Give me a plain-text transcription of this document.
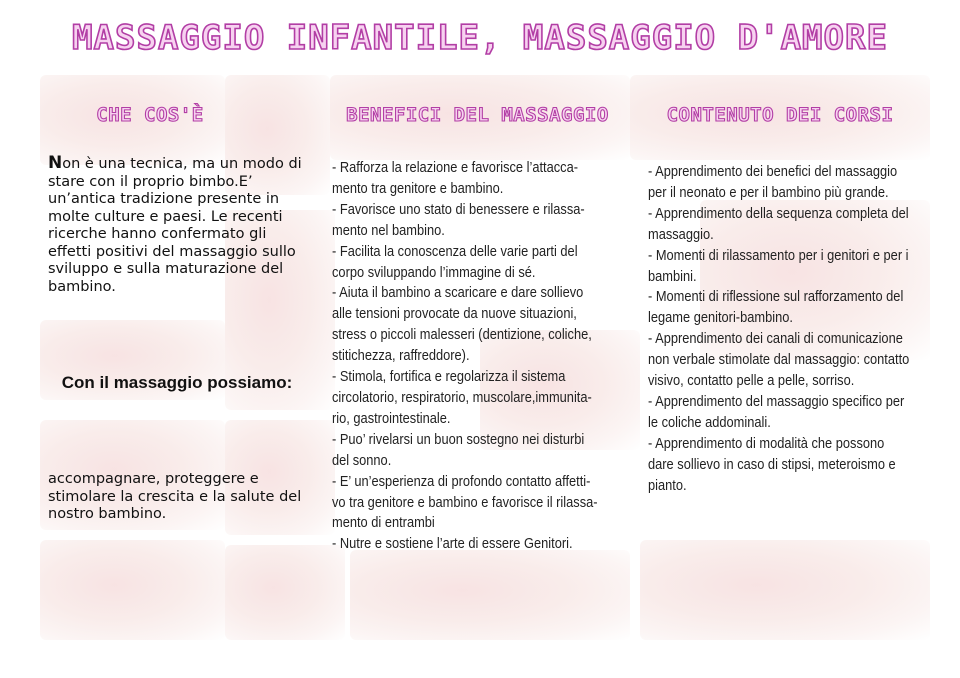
MASSAGGIO INFANTILE, MASSAGGIO D'AMORE
CHE COS'È
Non è una tecnica, ma un modo di stare con il proprio bimbo.E’ un’antica tradizione presente in molte culture e paesi. Le recenti ricerche hanno confermato gli effetti positivi del massaggio sullo sviluppo e sulla maturazione del bambino.
Con il massaggio possiamo:
accompagnare, proteggere e stimolare la crescita e la salute del nostro bambino.
BENEFICI DEL MASSAGGIO
- Rafforza la relazione e favorisce l’attacca-
mento tra genitore e bambino.
- Favorisce uno stato di benessere e rilassa-
mento nel bambino.
- Facilita la conoscenza delle varie parti del
corpo sviluppando l’immagine di sé.
- Aiuta il bambino a scaricare e dare sollievo
alle tensioni provocate da nuove situazioni,
stress o piccoli malesseri (dentizione, coliche,
stitichezza, raffreddore).
- Stimola, fortifica e regolarizza il sistema
circolatorio, respiratorio, muscolare,immunita-
rio, gastrointestinale.
- Puo’ rivelarsi un buon sostegno nei disturbi
del sonno.
- E’ un’esperienza di profondo contatto affetti-
vo tra genitore e bambino e favorisce il rilassa-
mento di entrambi
- Nutre e sostiene l’arte di essere Genitori.
CONTENUTO DEI CORSI
- Apprendimento dei benefici del massaggio
per il neonato e per il bambino più grande.
- Apprendimento della sequenza completa del
massaggio.
- Momenti di rilassamento per i genitori e per i
bambini.
- Momenti di riflessione sul rafforzamento del
legame genitori-bambino.
- Apprendimento dei canali di comunicazione
non verbale stimolate dal massaggio: contatto
visivo, contatto pelle a pelle, sorriso.
- Apprendimento del massaggio specifico per
le coliche addominali.
- Apprendimento di modalità che possono
dare sollievo in caso di stipsi, meteroismo e
pianto.
